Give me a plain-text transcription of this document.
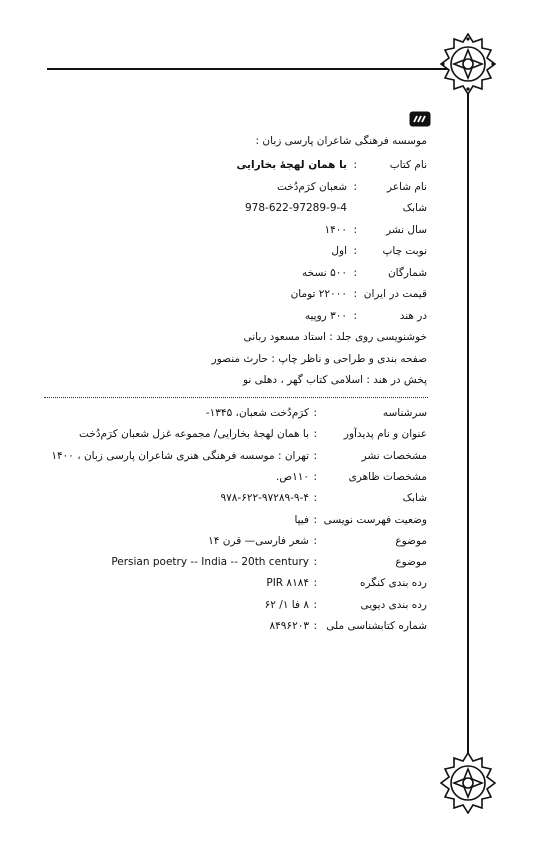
موسسه فرهنگی شاعران پارسی زبان :
نام کتاب
:
با همان لهجهٔ بخارایی
نام شاعر
:
شعبان کرَم‌دُخت
شابک
978-622-97289-9-4
سال نشر
:
۱۴۰۰
نوبت چاپ
:
اول
شمارگان
:
۵۰۰ نسخه
قیمت در ایران
:
۲۲۰۰۰ تومان
در هند
:
۳۰۰ روپیه
خوشنویسی روی جلد : استاد مسعود ربانی
صفحه بندی و طراحی و ناظر چاپ : حارث منصور
پخش در هند : اسلامی کتاب گهر ، دهلی نو
سرشناسه
:
کرَم‌دُخت شعبان، ۱۳۴۵-
عنوان و نام پدیدآور
:
با همان لهجهٔ بخارایی/ مجموعه غزل شعبان کرَم‌دُخت
مشخصات نشر
:
تهران : موسسه فرهنگی هنری شاعران پارسی زبان ، ۱۴۰۰
مشخصات ظاهری
:
۱۱۰ص.
شابک
:
۹۷۸-۶۲۲-۹۷۲۸۹-۹-۴
وضعیت فهرست نویسی
:
فیپا
موضوع
:
شعر فارسی— قرن ۱۴
موضوع
:
Persian poetry -- India -- 20th century
رده بندی کنگره
:
PIR ۸۱۸۴
رده بندی دیویی
:
۸ فا ۱/ ۶۲
شماره کتابشناسی ملی
:
۸۴۹۶۲۰۳
